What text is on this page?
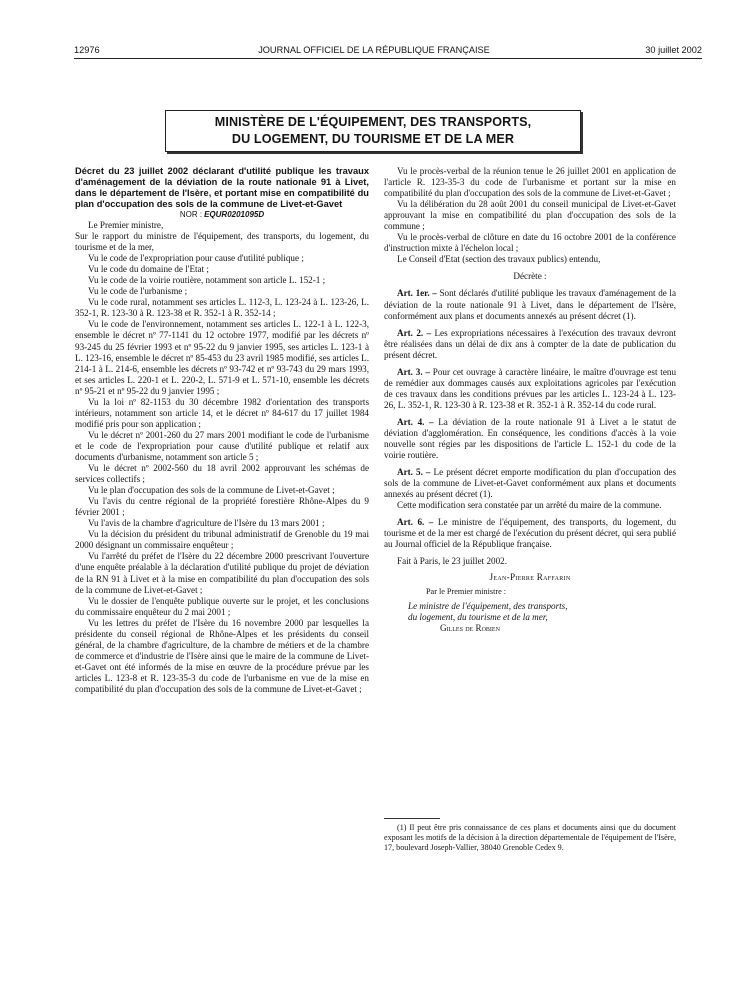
12976	JOURNAL OFFICIEL DE LA RÉPUBLIQUE FRANÇAISE	30 juillet 2002
MINISTÈRE DE L'ÉQUIPEMENT, DES TRANSPORTS,
DU LOGEMENT, DU TOURISME ET DE LA MER

Décret du 23 juillet 2002 déclarant d'utilité publique les travaux d'aménagement de la déviation de la route nationale 91 à Livet, dans le département de l'Isère, et portant mise en compatibilité du plan d'occupation des sols de la commune de Livet-et-Gavet

NOR : EQUR0201095D

Le Premier ministre,

Sur le rapport du ministre de l'équipement, des transports, du logement, du tourisme et de la mer,

Vu le code de l'expropriation pour cause d'utilité publique ;

Vu le code du domaine de l'Etat ;

Vu le code de la voirie routière, notamment son article L. 152-1 ;

Vu le code de l'urbanisme ;

Vu le code rural, notamment ses articles L. 112-3, L. 123-24 à L. 123-26, L. 352-1, R. 123-30 à R. 123-38 et R. 352-1 à R. 352-14 ;

Vu le code de l'environnement, notamment ses articles L. 122-1 à L. 122-3, ensemble le décret nº 77-1141 du 12 octobre 1977, modifié par les décrets nº 93-245 du 25 février 1993 et nº 95-22 du 9 janvier 1995, ses articles L. 123-1 à L. 123-16, ensemble le décret nº 85-453 du 23 avril 1985 modifié, ses articles L. 214-1 à L. 214-6, ensemble les décrets nº 93-742 et nº 93-743 du 29 mars 1993, et ses articles L. 220-1 et L. 220-2, L. 571-9 et L. 571-10, ensemble les décrets nº 95-21 et nº 95-22 du 9 janvier 1995 ;

Vu la loi nº 82-1153 du 30 décembre 1982 d'orientation des transports intérieurs, notamment son article 14, et le décret nº 84-617 du 17 juillet 1984 modifié pris pour son application ;

Vu le décret nº 2001-260 du 27 mars 2001 modifiant le code de l'urbanisme et le code de l'expropriation pour cause d'utilité publique et relatif aux documents d'urbanisme, notamment son article 5 ;

Vu le décret nº 2002-560 du 18 avril 2002 approuvant les schémas de services collectifs ;

Vu le plan d'occupation des sols de la commune de Livet-et-Gavet ;

Vu l'avis du centre régional de la propriété forestière Rhône-Alpes du 9 février 2001 ;

Vu l'avis de la chambre d'agriculture de l'Isère du 13 mars 2001 ;

Vu la décision du président du tribunal administratif de Grenoble du 19 mai 2000 désignant un commissaire enquêteur ;

Vu l'arrêté du préfet de l'Isère du 22 décembre 2000 prescrivant l'ouverture d'une enquête préalable à la déclaration d'utilité publique du projet de déviation de la RN 91 à Livet et à la mise en compatibilité du plan d'occupation des sols de la commune de Livet-et-Gavet ;

Vu le dossier de l'enquête publique ouverte sur le projet, et les conclusions du commissaire enquêteur du 2 mai 2001 ;

Vu les lettres du préfet de l'Isère du 16 novembre 2000 par lesquelles la présidente du conseil régional de Rhône-Alpes et les présidents du conseil général, de la chambre d'agriculture, de la chambre de métiers et de la chambre de commerce et d'industrie de l'Isère ainsi que le maire de la commune de Livet-et-Gavet ont été informés de la mise en œuvre de la procédure prévue par les articles L. 123-8 et R. 123-35-3 du code de l'urbanisme en vue de la mise en compatibilité du plan d'occupation des sols de la commune de Livet-et-Gavet ;

Vu le procès-verbal de la réunion tenue le 26 juillet 2001 en application de l'article R. 123-35-3 du code de l'urbanisme et portant sur la mise en compatibilité du plan d'occupation des sols de la commune de Livet-et-Gavet ;

Vu la délibération du 28 août 2001 du conseil municipal de Livet-et-Gavet approuvant la mise en compatibilité du plan d'occupation des sols de la commune ;

Vu le procès-verbal de clôture en date du 16 octobre 2001 de la conférence d'instruction mixte à l'échelon local ;

Le Conseil d'Etat (section des travaux publics) entendu,

Décrète :

Art. 1er. – Sont déclarés d'utilité publique les travaux d'aménagement de la déviation de la route nationale 91 à Livet, dans le département de l'Isère, conformément aux plans et documents annexés au présent décret (1).

Art. 2. – Les expropriations nécessaires à l'exécution des travaux devront être réalisées dans un délai de dix ans à compter de la date de publication du présent décret.

Art. 3. – Pour cet ouvrage à caractère linéaire, le maître d'ouvrage est tenu de remédier aux dommages causés aux exploitations agricoles par l'exécution de ces travaux dans les conditions prévues par les articles L. 123-24 à L. 123-26, L. 352-1, R. 123-30 à R. 123-38 et R. 352-1 à R. 352-14 du code rural.

Art. 4. – La déviation de la route nationale 91 à Livet a le statut de déviation d'agglomération. En conséquence, les conditions d'accès à la voie nouvelle sont régies par les dispositions de l'article L. 152-1 du code de la voirie routière.

Art. 5. – Le présent décret emporte modification du plan d'occupation des sols de la commune de Livet-et-Gavet conformément aux plans et documents annexés au présent décret (1).

Cette modification sera constatée par un arrêté du maire de la commune.

Art. 6. – Le ministre de l'équipement, des transports, du logement, du tourisme et de la mer est chargé de l'exécution du présent décret, qui sera publié au Journal officiel de la République française.

Fait à Paris, le 23 juillet 2002.

Jean-Pierre Raffarin

Par le Premier ministre :

Le ministre de l'équipement, des transports,

du logement, du tourisme et de la mer,

Gilles de Robien

(1) Il peut être pris connaissance de ces plans et documents ainsi que du document exposant les motifs de la décision à la direction départementale de l'équipement de l'Isère, 17, boulevard Joseph-Vallier, 38040 Grenoble Cedex 9.
